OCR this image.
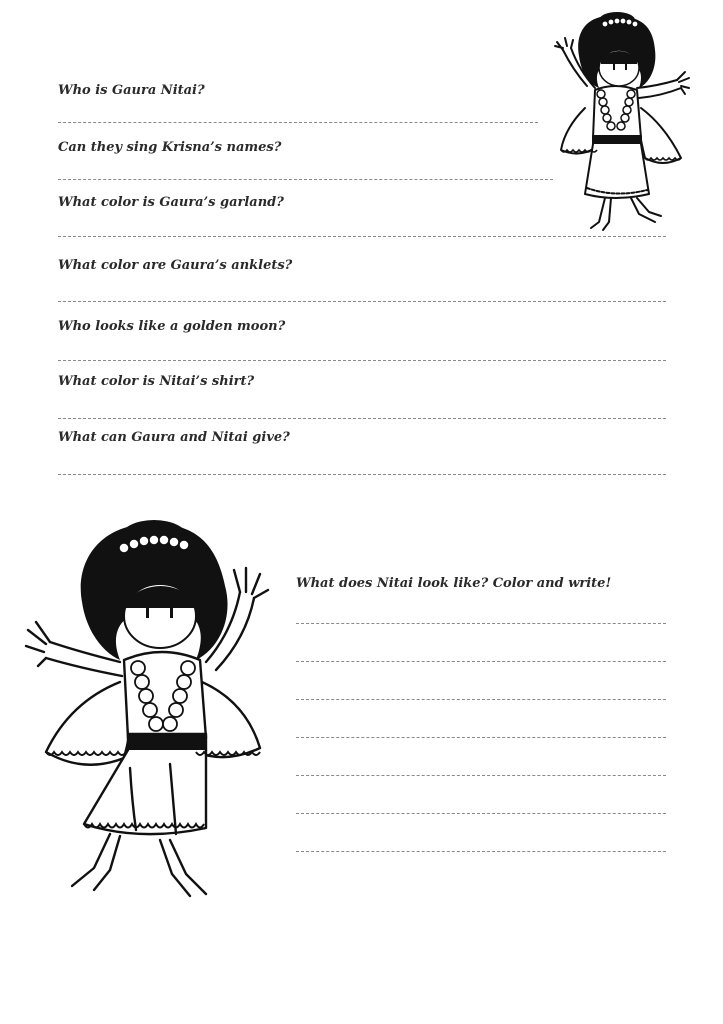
Who is Gaura Nitai?
Can they sing Krisna’s names?
What color is Gaura’s garland?
What color are Gaura’s anklets?
Who looks like a golden moon?
What color is Nitai’s shirt?
What can Gaura and Nitai give?
What does Nitai look like? Color and write!
